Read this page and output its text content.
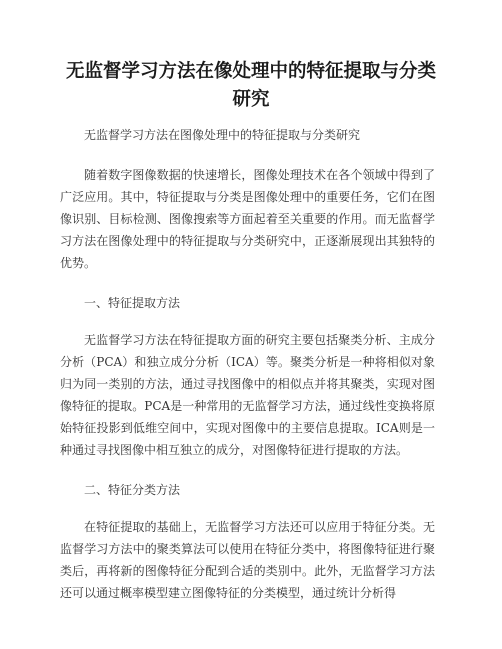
无监督学习方法在像处理中的特征提取与分类研究

无监督学习方法在图像处理中的特征提取与分类研究

随着数字图像数据的快速增长，图像处理技术在各个领域中得到了广泛应用。其中，特征提取与分类是图像处理中的重要任务，它们在图像识别、目标检测、图像搜索等方面起着至关重要的作用。而无监督学习方法在图像处理中的特征提取与分类研究中，正逐渐展现出其独特的优势。

一、特征提取方法

无监督学习方法在特征提取方面的研究主要包括聚类分析、主成分分析（PCA）和独立成分分析（ICA）等。聚类分析是一种将相似对象归为同一类别的方法，通过寻找图像中的相似点并将其聚类，实现对图像特征的提取。PCA是一种常用的无监督学习方法，通过线性变换将原始特征投影到低维空间中，实现对图像中的主要信息提取。ICA则是一种通过寻找图像中相互独立的成分，对图像特征进行提取的方法。

二、特征分类方法

在特征提取的基础上，无监督学习方法还可以应用于特征分类。无监督学习方法中的聚类算法可以使用在特征分类中，将图像特征进行聚类后，再将新的图像特征分配到合适的类别中。此外，无监督学习方法还可以通过概率模型建立图像特征的分类模型，通过统计分析得
